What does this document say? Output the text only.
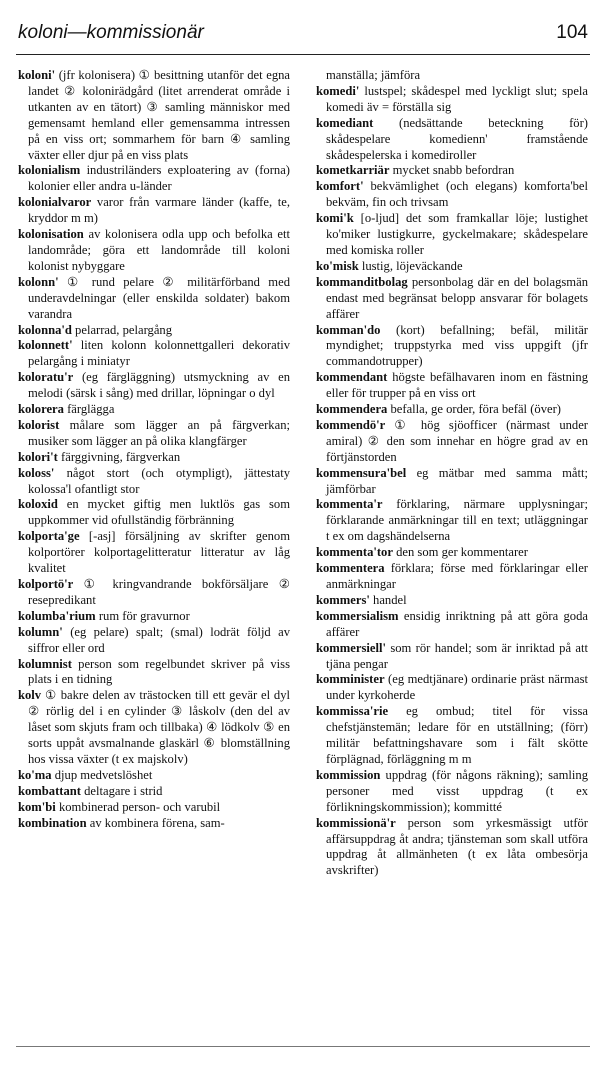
koloni—kommissionär	104

koloni' (jfr kolonisera) ① besittning utanför det egna landet ② kolonirädgård (litet arrenderat område i utkanten av en tätort) ③ samling människor med gemensamt hemland eller gemensamma intressen på en viss ort; sommarhem för barn ④ samling växter eller djur på en viss plats

kolonialism industriländers exploatering av (forna) kolonier eller andra u-länder

kolonialvaror varor från varmare länder (kaffe, te, kryddor m m)

kolonisation av kolonisera odla upp och befolka ett landområde; göra ett landområde till koloni kolonist nybyggare

kolonn' ① rund pelare ② militärförband med underavdelningar (eller enskilda soldater) bakom varandra

kolonna'd pelarrad, pelargång

kolonnett' liten kolonn kolonnettgalleri dekorativ pelargång i miniatyr

koloratu'r (eg färgläggning) utsmyckning av en melodi (särsk i sång) med drillar, löpningar o dyl

kolorera färglägga

kolorist målare som lägger an på färgverkan; musiker som lägger an på olika klangfärger

kolori't färggivning, färgverkan

koloss' något stort (och otympligt), jättestaty kolossa'l ofantligt stor

koloxid en mycket giftig men luktlös gas som uppkommer vid ofullständig förbränning

kolporta'ge [-asj] försäljning av skrifter genom kolportörer kolportagelitteratur litteratur av låg kvalitet

kolportö'r ① kringvandrande bokförsäljare ② resepredikant

kolumba'rium rum för gravurnor

kolumn' (eg pelare) spalt; (smal) lodrät följd av siffror eller ord

kolumnist person som regelbundet skriver på viss plats i en tidning

kolv ① bakre delen av trästocken till ett gevär el dyl ② rörlig del i en cylinder ③ låskolv (den del av låset som skjuts fram och tillbaka) ④ lödkolv ⑤ en sorts uppåt avsmalnande glaskärl ⑥ blomställning hos vissa växter (t ex majskolv)

ko'ma djup medvetslöshet

kombattant deltagare i strid

kom'bi kombinerad person- och varubil

kombination av kombinera förena, sam-

manställa; jämföra

komedi' lustspel; skådespel med lyckligt slut; spela komedi äv = förställa sig

komediant (nedsättande beteckning för) skådespelare komedienn' framstående skådespelerska i komediroller

kometkarriär mycket snabb befordran

komfort' bekvämlighet (och elegans) komforta'bel bekväm, fin och trivsam

komi'k [o-ljud] det som framkallar löje; lustighet ko'miker lustigkurre, gyckelmakare; skådespelare med komiska roller

ko'misk lustig, löjeväckande

kommanditbolag personbolag där en del bolagsmän endast med begränsat belopp ansvarar för bolagets affärer

komman'do (kort) befallning; befäl, militär myndighet; truppstyrka med viss uppgift (jfr commandotrupper)

kommendant högste befälhavaren inom en fästning eller för trupper på en viss ort

kommendera befalla, ge order, föra befäl (över)

kommendö'r ① hög sjöofficer (närmast under amiral) ② den som innehar en högre grad av en förtjänstorden

kommensura'bel eg mätbar med samma mått; jämförbar

kommenta'r förklaring, närmare upplysningar; förklarande anmärkningar till en text; utläggningar t ex om dagshändelserna

kommenta'tor den som ger kommentarer

kommentera förklara; förse med förklaringar eller anmärkningar

kommers' handel

kommersialism ensidig inriktning på att göra goda affärer

kommersiell' som rör handel; som är inriktad på att tjäna pengar

komminister (eg medtjänare) ordinarie präst närmast under kyrkoherde

kommissa'rie eg ombud; titel för vissa chefstjänstemän; ledare för en utställning; (förr) militär befattningshavare som i fält skötte förplägnad, förläggning m m

kommission uppdrag (för någons räkning); samling personer med visst uppdrag (t ex förlikningskommission); kommitté

kommissionä'r person som yrkesmässigt utför affärsuppdrag åt andra; tjänsteman som skall utföra uppdrag åt allmänheten (t ex låta ombesörja avskrifter)
